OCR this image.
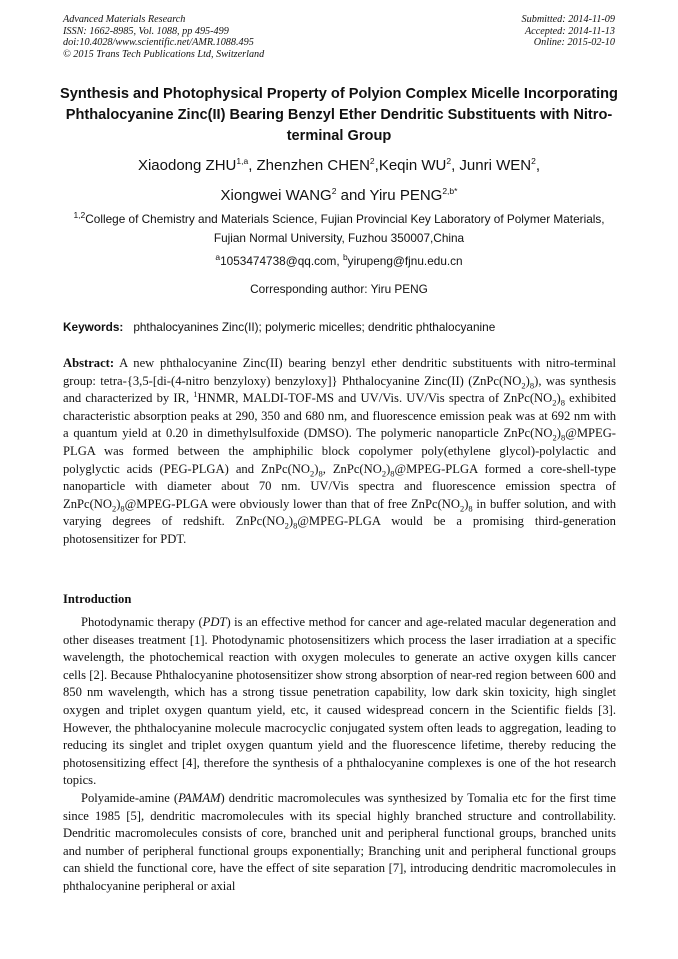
Advanced Materials Research
ISSN: 1662-8985, Vol. 1088, pp 495-499
doi:10.4028/www.scientific.net/AMR.1088.495
© 2015 Trans Tech Publications Ltd, Switzerland
Submitted: 2014-11-09
Accepted: 2014-11-13
Online: 2015-02-10
Synthesis and Photophysical Property of Polyion Complex Micelle Incorporating Phthalocyanine Zinc(II) Bearing Benzyl Ether Dendritic Substituents with Nitro-terminal Group
Xiaodong ZHU$^{1,a}$, Zhenzhen CHEN$^2$,Keqin $WU^2$, Junri WEN$^2$,
Xiongwei WANG$^2$ and Yiru $PENG^{2,b*}$
$^{1,2}$College of Chemistry and Materials Science, Fujian Provincial Key Laboratory of Polymer Materials, Fujian Normal University, Fuzhou 350007,China
$^a$1053474738@qq.com, $^b$yirupeng@fjnu.edu.cn
Corresponding author: Yiru PENG
Keywords: phthalocyanines Zinc(II); polymeric micelles; dendritic phthalocyanine
Abstract: A new phthalocyanine Zinc(II) bearing benzyl ether dendritic substituents with nitro-terminal group: tetra-{3,5-[di-(4-nitro benzyloxy) benzyloxy]} Phthalocyanine Zinc(II) $(ZnPc(NO_2)_8)$, was synthesis and characterized by IR, $^1$HNMR, MALDI-TOF-MS and UV/Vis. UV/Vis spectra of $ZnPc(NO_2)_8$ exhibited characteristic absorption peaks at 290, 350 and 680 nm, and fluorescence emission peak was at 692 nm with a quantum yield at 0.20 in dimethylsulfoxide (DMSO). The polymeric nanoparticle $ZnPc(NO_2)_8@MPEG$-PLGA was formed between the amphiphilic block copolymer poly(ethylene glycol)-polylactic and polyglyctic acids (PEG-PLGA) and $ZnPc(NO_2)_8$, $ZnPc(NO_2)_8@MPEG$-PLGA formed a core-shell-type nanoparticle with diameter about 70 nm. UV/Vis spectra and fluorescence emission spectra of $ZnPc(NO_2)_8@MPEG$-PLGA were obviously lower than that of free $ZnPc(NO_2)_8$ in buffer solution, and with varying degrees of redshift. $ZnPc(NO_2)_8@MPEG$-PLGA would be a promising third-generation photosensitizer for PDT.
Introduction

Photodynamic therapy (PDT) is an effective method for cancer and age-related macular degeneration and other diseases treatment [1]. Photodynamic photosensitizers which process the laser irradiation at a specific wavelength, the photochemical reaction with oxygen molecules to generate an active oxygen kills cancer cells [2]. Because Phthalocyanine photosensitizer show strong absorption of near-red region between 600 and 850 nm wavelength, which has a strong tissue penetration capability, low dark skin toxicity, high singlet oxygen and triplet oxygen quantum yield, etc, it caused widespread concern in the Scientific fields [3]. However, the phthalocyanine molecule macrocyclic conjugated system often leads to aggregation, leading to reducing its singlet and triplet oxygen quantum yield and the fluorescence lifetime, thereby reducing the photosensitizing effect [4], therefore the synthesis of a phthalocyanine complexes is one of the hot research topics.

Polyamide-amine (PAMAM) dendritic macromolecules was synthesized by Tomalia etc for the first time since 1985 [5], dendritic macromolecules with its special highly branched structure and controllability. Dendritic macromolecules consists of core, branched unit and peripheral functional groups, branched units and number of peripheral functional groups exponentially; Branching unit and peripheral functional groups can shield the functional core, have the effect of site separation [7], introducing dendritic macromolecules in phthalocyanine peripheral or axial
